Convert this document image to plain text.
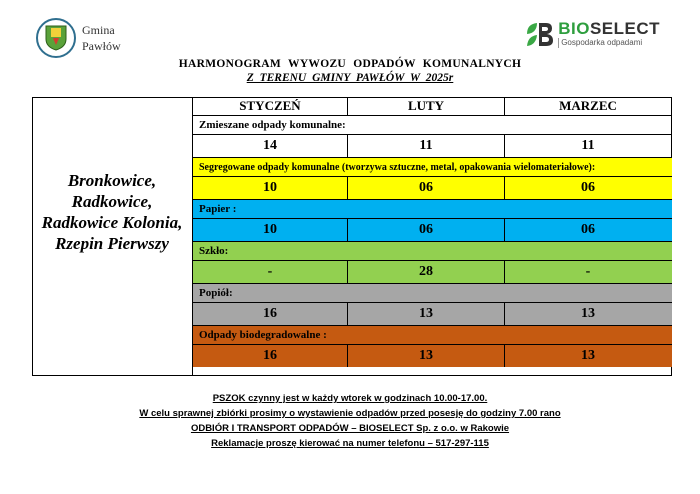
Gmina
Pawłów
BIOSELECT
Gospodarka odpadami
HARMONOGRAM WYWOZU ODPADÓW KOMUNALNYCH
Z TERENU GMINY PAWŁÓW W 2025r
Bronkowice,
Radkowice,
Radkowice Kolonia,
Rzepin Pierwszy
STYCZEŃ	LUTY	MARZEC
Zmieszane odpady komunalne:
14	11	11
Segregowane odpady komunalne (tworzywa sztuczne, metal, opakowania wielomateriałowe):
10	06	06
Papier :
10	06	06
Szkło:
-	28	-
Popiół:
16	13	13
Odpady biodegradowalne :
16	13	13
PSZOK czynny jest w każdy wtorek w godzinach 10.00-17.00.
W celu sprawnej zbiórki prosimy o wystawienie odpadów przed posesję do godziny 7.00 rano
ODBIÓR I TRANSPORT ODPADÓW – BIOSELECT Sp. z o.o. w Rakowie
Reklamacje proszę kierować na numer telefonu – 517-297-115
